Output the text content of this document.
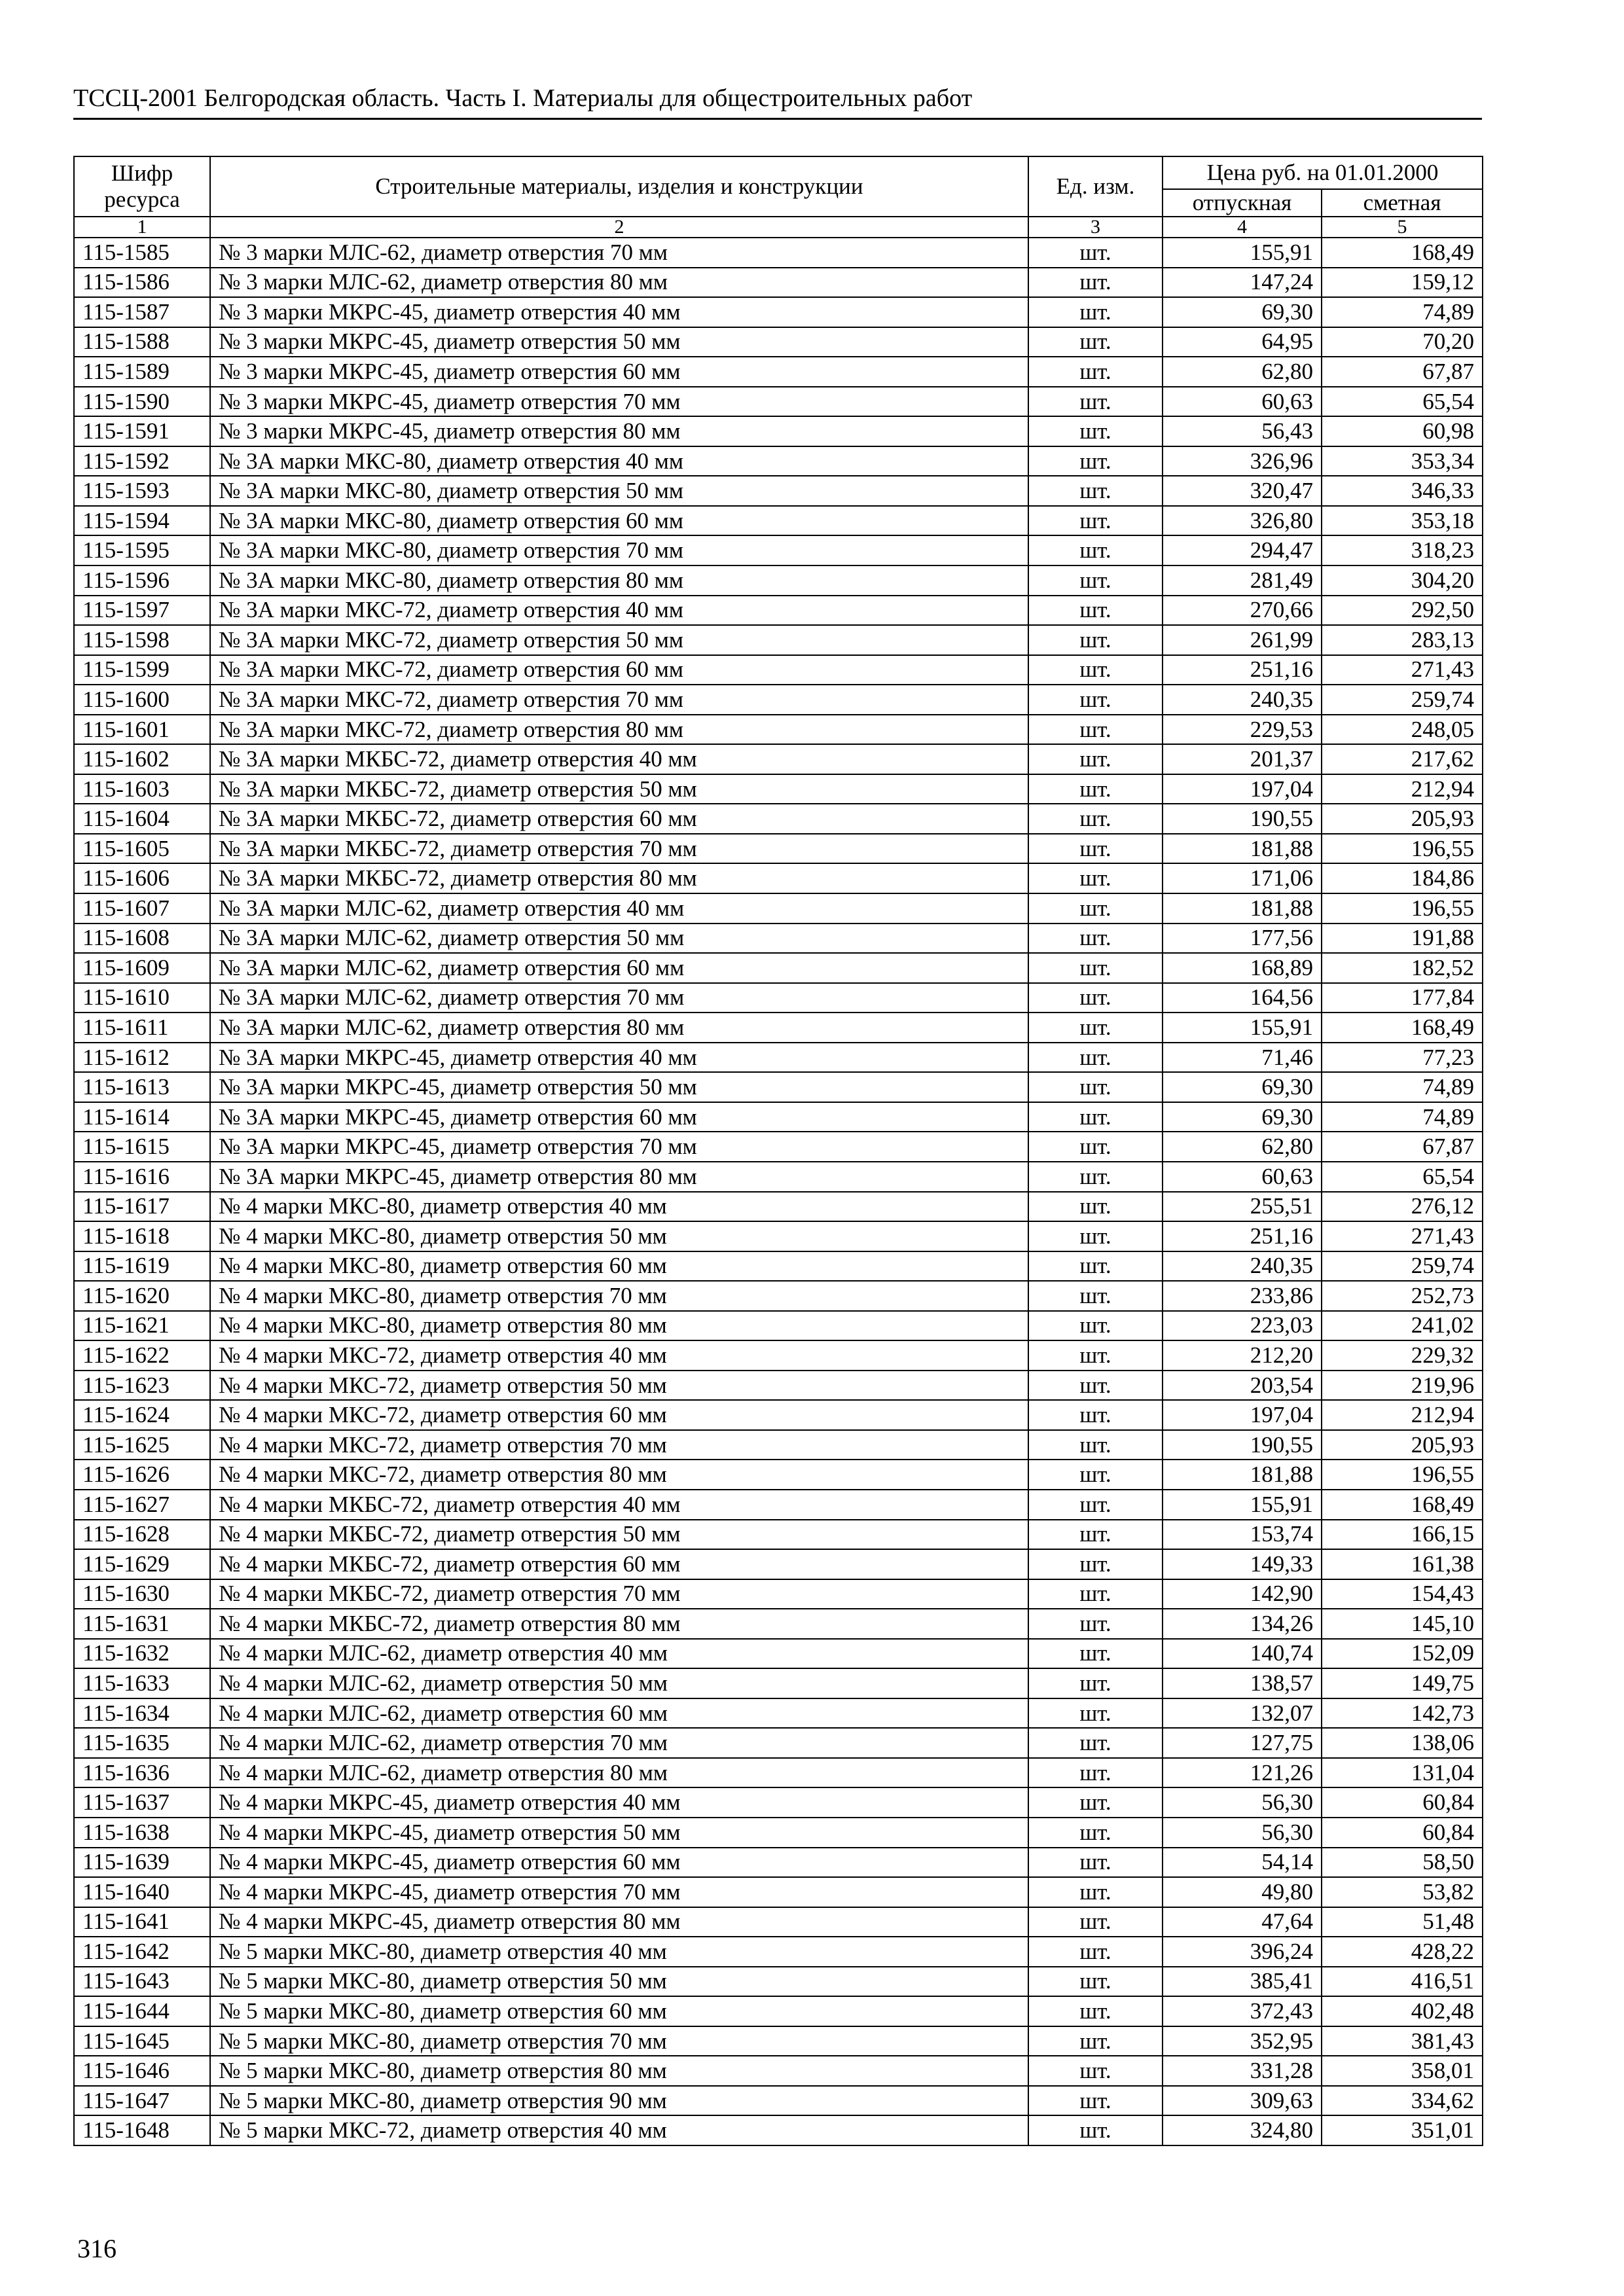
ТССЦ-2001 Белгородская область. Часть I. Материалы для общестроительных работ
Шифр ресурса	Строительные материалы, изделия и конструкции	Ед. изм.	Цена руб. на 01.01.2000	
			отпускная	сметная
1	2	3	4	5
115-1585	№ 3 марки МЛС-62, диаметр отверстия 70 мм	шт.	155,91	168,49
115-1586	№ 3 марки МЛС-62, диаметр отверстия 80 мм	шт.	147,24	159,12
115-1587	№ 3 марки МКРС-45, диаметр отверстия 40 мм	шт.	69,30	74,89
115-1588	№ 3 марки МКРС-45, диаметр отверстия 50 мм	шт.	64,95	70,20
115-1589	№ 3 марки МКРС-45, диаметр отверстия 60 мм	шт.	62,80	67,87
115-1590	№ 3 марки МКРС-45, диаметр отверстия 70 мм	шт.	60,63	65,54
115-1591	№ 3 марки МКРС-45, диаметр отверстия 80 мм	шт.	56,43	60,98
115-1592	№ 3А марки МКС-80, диаметр отверстия 40 мм	шт.	326,96	353,34
115-1593	№ 3А марки МКС-80, диаметр отверстия 50 мм	шт.	320,47	346,33
115-1594	№ 3А марки МКС-80, диаметр отверстия 60 мм	шт.	326,80	353,18
115-1595	№ 3А марки МКС-80, диаметр отверстия 70 мм	шт.	294,47	318,23
115-1596	№ 3А марки МКС-80, диаметр отверстия 80 мм	шт.	281,49	304,20
115-1597	№ 3А марки МКС-72, диаметр отверстия 40 мм	шт.	270,66	292,50
115-1598	№ 3А марки МКС-72, диаметр отверстия 50 мм	шт.	261,99	283,13
115-1599	№ 3А марки МКС-72, диаметр отверстия 60 мм	шт.	251,16	271,43
115-1600	№ 3А марки МКС-72, диаметр отверстия 70 мм	шт.	240,35	259,74
115-1601	№ 3А марки МКС-72, диаметр отверстия 80 мм	шт.	229,53	248,05
115-1602	№ 3А марки МКБС-72, диаметр отверстия 40 мм	шт.	201,37	217,62
115-1603	№ 3А марки МКБС-72, диаметр отверстия 50 мм	шт.	197,04	212,94
115-1604	№ 3А марки МКБС-72, диаметр отверстия 60 мм	шт.	190,55	205,93
115-1605	№ 3А марки МКБС-72, диаметр отверстия 70 мм	шт.	181,88	196,55
115-1606	№ 3А марки МКБС-72, диаметр отверстия 80 мм	шт.	171,06	184,86
115-1607	№ 3А марки МЛС-62, диаметр отверстия 40 мм	шт.	181,88	196,55
115-1608	№ 3А марки МЛС-62, диаметр отверстия 50 мм	шт.	177,56	191,88
115-1609	№ 3А марки МЛС-62, диаметр отверстия 60 мм	шт.	168,89	182,52
115-1610	№ 3А марки МЛС-62, диаметр отверстия 70 мм	шт.	164,56	177,84
115-1611	№ 3А марки МЛС-62, диаметр отверстия 80 мм	шт.	155,91	168,49
115-1612	№ 3А марки МКРС-45, диаметр отверстия 40 мм	шт.	71,46	77,23
115-1613	№ 3А марки МКРС-45, диаметр отверстия 50 мм	шт.	69,30	74,89
115-1614	№ 3А марки МКРС-45, диаметр отверстия 60 мм	шт.	69,30	74,89
115-1615	№ 3А марки МКРС-45, диаметр отверстия 70 мм	шт.	62,80	67,87
115-1616	№ 3А марки МКРС-45, диаметр отверстия 80 мм	шт.	60,63	65,54
115-1617	№ 4 марки МКС-80, диаметр отверстия 40 мм	шт.	255,51	276,12
115-1618	№ 4 марки МКС-80, диаметр отверстия 50 мм	шт.	251,16	271,43
115-1619	№ 4 марки МКС-80, диаметр отверстия 60 мм	шт.	240,35	259,74
115-1620	№ 4 марки МКС-80, диаметр отверстия 70 мм	шт.	233,86	252,73
115-1621	№ 4 марки МКС-80, диаметр отверстия 80 мм	шт.	223,03	241,02
115-1622	№ 4 марки МКС-72, диаметр отверстия 40 мм	шт.	212,20	229,32
115-1623	№ 4 марки МКС-72, диаметр отверстия 50 мм	шт.	203,54	219,96
115-1624	№ 4 марки МКС-72, диаметр отверстия 60 мм	шт.	197,04	212,94
115-1625	№ 4 марки МКС-72, диаметр отверстия 70 мм	шт.	190,55	205,93
115-1626	№ 4 марки МКС-72, диаметр отверстия 80 мм	шт.	181,88	196,55
115-1627	№ 4 марки МКБС-72, диаметр отверстия 40 мм	шт.	155,91	168,49
115-1628	№ 4 марки МКБС-72, диаметр отверстия 50 мм	шт.	153,74	166,15
115-1629	№ 4 марки МКБС-72, диаметр отверстия 60 мм	шт.	149,33	161,38
115-1630	№ 4 марки МКБС-72, диаметр отверстия 70 мм	шт.	142,90	154,43
115-1631	№ 4 марки МКБС-72, диаметр отверстия 80 мм	шт.	134,26	145,10
115-1632	№ 4 марки МЛС-62, диаметр отверстия 40 мм	шт.	140,74	152,09
115-1633	№ 4 марки МЛС-62, диаметр отверстия 50 мм	шт.	138,57	149,75
115-1634	№ 4 марки МЛС-62, диаметр отверстия 60 мм	шт.	132,07	142,73
115-1635	№ 4 марки МЛС-62, диаметр отверстия 70 мм	шт.	127,75	138,06
115-1636	№ 4 марки МЛС-62, диаметр отверстия 80 мм	шт.	121,26	131,04
115-1637	№ 4 марки МКРС-45, диаметр отверстия 40 мм	шт.	56,30	60,84
115-1638	№ 4 марки МКРС-45, диаметр отверстия 50 мм	шт.	56,30	60,84
115-1639	№ 4 марки МКРС-45, диаметр отверстия 60 мм	шт.	54,14	58,50
115-1640	№ 4 марки МКРС-45, диаметр отверстия 70 мм	шт.	49,80	53,82
115-1641	№ 4 марки МКРС-45, диаметр отверстия 80 мм	шт.	47,64	51,48
115-1642	№ 5 марки МКС-80, диаметр отверстия 40 мм	шт.	396,24	428,22
115-1643	№ 5 марки МКС-80, диаметр отверстия 50 мм	шт.	385,41	416,51
115-1644	№ 5 марки МКС-80, диаметр отверстия 60 мм	шт.	372,43	402,48
115-1645	№ 5 марки МКС-80, диаметр отверстия 70 мм	шт.	352,95	381,43
115-1646	№ 5 марки МКС-80, диаметр отверстия 80 мм	шт.	331,28	358,01
115-1647	№ 5 марки МКС-80, диаметр отверстия 90 мм	шт.	309,63	334,62
115-1648	№ 5 марки МКС-72, диаметр отверстия 40 мм	шт.	324,80	351,01
316
